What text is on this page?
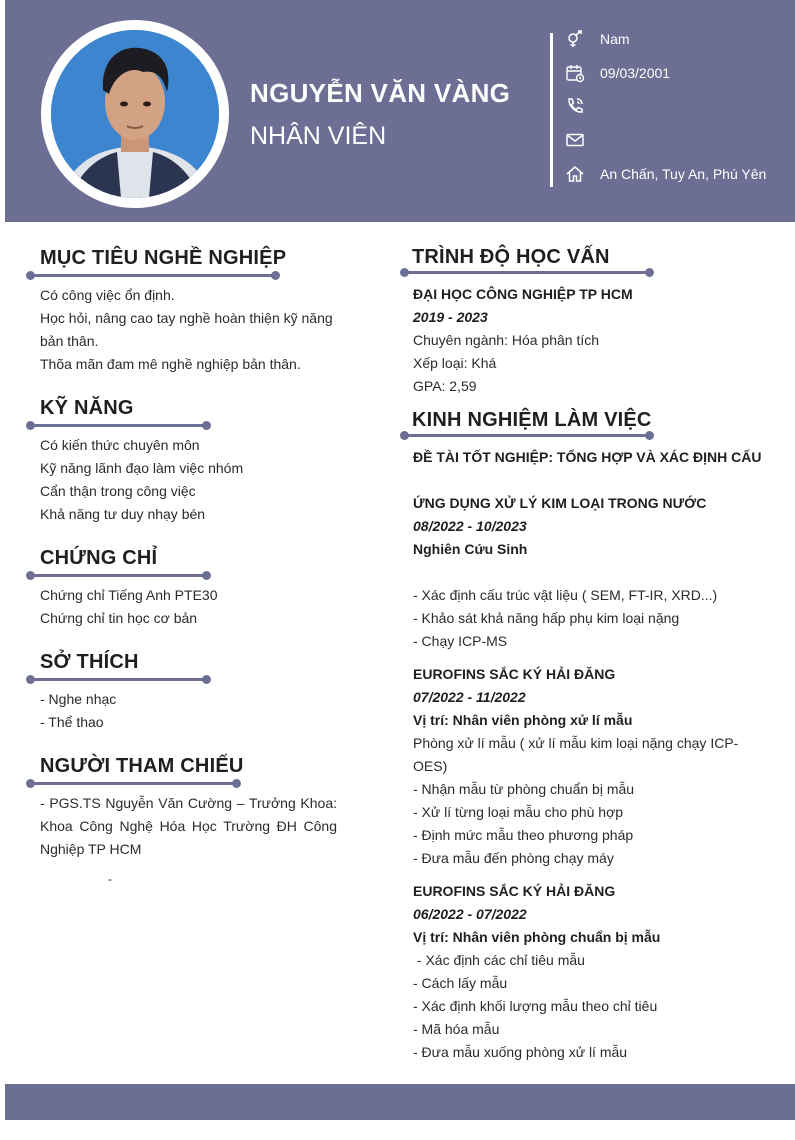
NGUYỄN VĂN VÀNG
NHÂN VIÊN
Nam
09/03/2001
An Chấn, Tuy An, Phú Yên
MỤC TIÊU NGHỀ NGHIỆP
Có công việc ổn định.
Học hỏi, nâng cao tay nghề hoàn thiện kỹ năng bản thân.
Thõa mãn đam mê nghề nghiệp bản thân.
KỸ NĂNG
Có kiến thức chuyên môn
Kỹ năng lãnh đạo làm việc nhóm
Cẩn thận trong công việc
Khả năng tư duy nhạy bén
CHỨNG CHỈ
Chứng chỉ Tiếng Anh PTE30
Chứng chỉ tin học cơ bản
SỞ THÍCH
- Nghe nhạc
- Thể thao
NGƯỜI THAM CHIẾU
- PGS.TS Nguyễn Văn Cường – Trưởng Khoa: Khoa Công Nghệ Hóa Học Trường ĐH Công Nghiệp TP HCM
-
TRÌNH ĐỘ HỌC VẤN
ĐẠI HỌC CÔNG NGHIỆP TP HCM
2019 - 2023
Chuyên ngành: Hóa phân tích
Xếp loại: Khá
GPA: 2,59
KINH NGHIỆM LÀM VIỆC
ĐỀ TÀI TỐT NGHIỆP: TỔNG HỢP VÀ XÁC ĐỊNH CẤU
ỨNG DỤNG XỬ LÝ KIM LOẠI TRONG NƯỚC
08/2022 - 10/2023
Nghiên Cứu Sinh
- Xác định cấu trúc vật liệu ( SEM, FT-IR, XRD...)
- Khảo sát khả năng hấp phụ kim loại nặng
- Chạy ICP-MS
EUROFINS SẮC KÝ HẢI ĐĂNG
07/2022 - 11/2022
Vị trí: Nhân viên phòng xử lí mẫu
Phòng xử lí mẫu ( xử lí mẫu kim loại nặng chạy ICP-OES)
- Nhận mẫu từ phòng chuẩn bị mẫu
- Xử lí từng loại mẫu cho phù hợp
- Định mức mẫu theo phương pháp
- Đưa mẫu đến phòng chạy máy
EUROFINS SẮC KÝ HẢI ĐĂNG
06/2022 - 07/2022
Vị trí: Nhân viên phòng chuẩn bị mẫu
- Xác định các chỉ tiêu mẫu
- Cách lấy mẫu
- Xác định khối lượng mẫu theo chỉ tiêu
- Mã hóa mẫu
- Đưa mẫu xuống phòng xử lí mẫu
